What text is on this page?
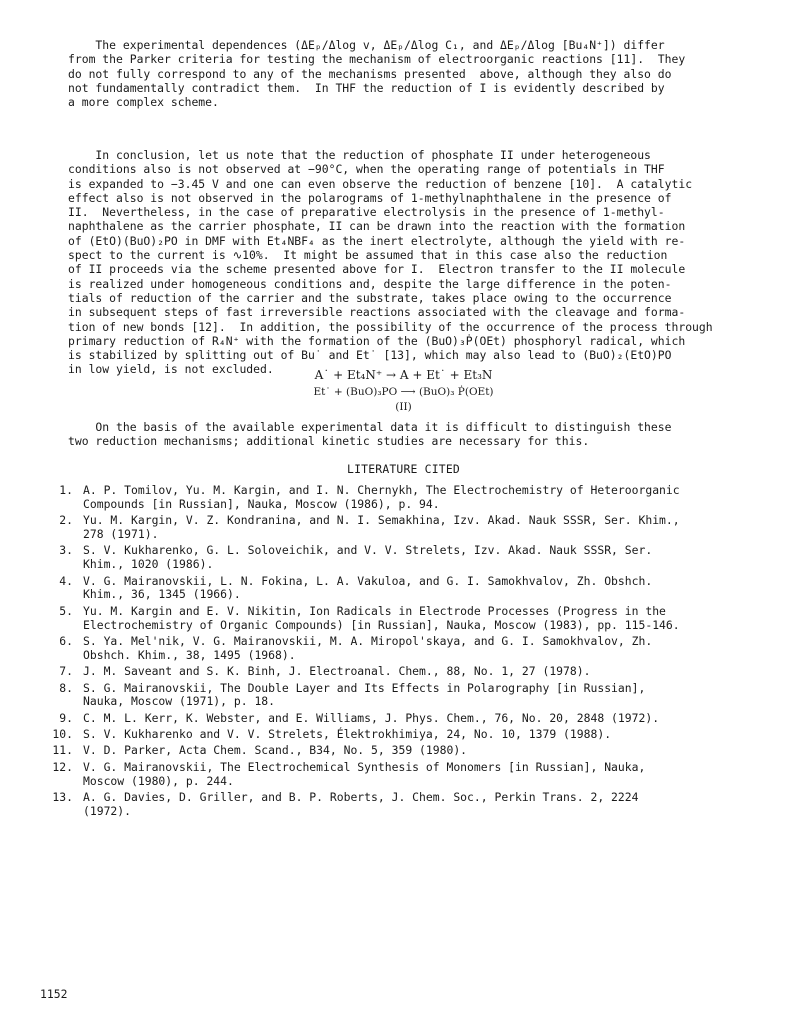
The experimental dependences (ΔEₚ/Δlog v, ΔEₚ/Δlog C₁, and ΔEₚ/Δlog [Bu₄N⁺]) differ
from the Parker criteria for testing the mechanism of electroorganic reactions [11].  They
do not fully correspond to any of the mechanisms presented  above, although they also do
not fundamentally contradict them.  In THF the reduction of I is evidently described by
a more complex scheme.
In conclusion, let us note that the reduction of phosphate II under heterogeneous
conditions also is not observed at −90°C, when the operating range of potentials in THF
is expanded to −3.45 V and one can even observe the reduction of benzene [10].  A catalytic
effect also is not observed in the polarograms of 1-methylnaphthalene in the presence of
II.  Nevertheless, in the case of preparative electrolysis in the presence of 1-methyl-
naphthalene as the carrier phosphate, II can be drawn into the reaction with the formation
of (EtO)(BuO)₂PO in DMF with Et₄NBF₄ as the inert electrolyte, although the yield with re-
spect to the current is ∿10%.  It might be assumed that in this case also the reduction
of II proceeds via the scheme presented above for I.  Electron transfer to the II molecule
is realized under homogeneous conditions and, despite the large difference in the poten-
tials of reduction of the carrier and the substrate, takes place owing to the occurrence
in subsequent steps of fast irreversible reactions associated with the cleavage and forma-
tion of new bonds [12].  In addition, the possibility of the occurrence of the process through
primary reduction of R₄N⁺ with the formation of the (BuO)₃Ṗ(OEt) phosphoryl radical, which
is stabilized by splitting out of Bu˙ and Et˙ [13], which may also lead to (BuO)₂(EtO)PO
in low yield, is not excluded.	A˙ + Et₄N⁺ → A + Et˙ + Et₃N
Et˙ + (BuO)₃PO ⟶ (BuO)₃ Ṗ(OEt)
(II)
On the basis of the available experimental data it is difficult to distinguish these
two reduction mechanisms; additional kinetic studies are necessary for this.
LITERATURE CITED
1. A. P. Tomilov, Yu. M. Kargin, and I. N. Chernykh, The Electrochemistry of Heteroorganic
Compounds [in Russian], Nauka, Moscow (1986), p. 94.
2. Yu. M. Kargin, V. Z. Kondranina, and N. I. Semakhina, Izv. Akad. Nauk SSSR, Ser. Khim.,
278 (1971).
3. S. V. Kukharenko, G. L. Soloveichik, and V. V. Strelets, Izv. Akad. Nauk SSSR, Ser.
Khim., 1020 (1986).
4. V. G. Mairanovskii, L. N. Fokina, L. A. Vakuloa, and G. I. Samokhvalov, Zh. Obshch.
Khim., 36, 1345 (1966).
5. Yu. M. Kargin and E. V. Nikitin, Ion Radicals in Electrode Processes (Progress in the
Electrochemistry of Organic Compounds) [in Russian], Nauka, Moscow (1983), pp. 115-146.
6. S. Ya. Mel'nik, V. G. Mairanovskii, M. A. Miropol'skaya, and G. I. Samokhvalov, Zh.
Obshch. Khim., 38, 1495 (1968).
7. J. M. Saveant and S. K. Binh, J. Electroanal. Chem., 88, No. 1, 27 (1978).
8. S. G. Mairanovskii, The Double Layer and Its Effects in Polarography [in Russian],
Nauka, Moscow (1971), p. 18.
9. C. M. L. Kerr, K. Webster, and E. Williams, J. Phys. Chem., 76, No. 20, 2848 (1972).
10. S. V. Kukharenko and V. V. Strelets, Élektrokhimiya, 24, No. 10, 1379 (1988).
11. V. D. Parker, Acta Chem. Scand., B34, No. 5, 359 (1980).
12. V. G. Mairanovskii, The Electrochemical Synthesis of Monomers [in Russian], Nauka,
Moscow (1980), p. 244.
13. A. G. Davies, D. Griller, and B. P. Roberts, J. Chem. Soc., Perkin Trans. 2, 2224
(1972).
1152
